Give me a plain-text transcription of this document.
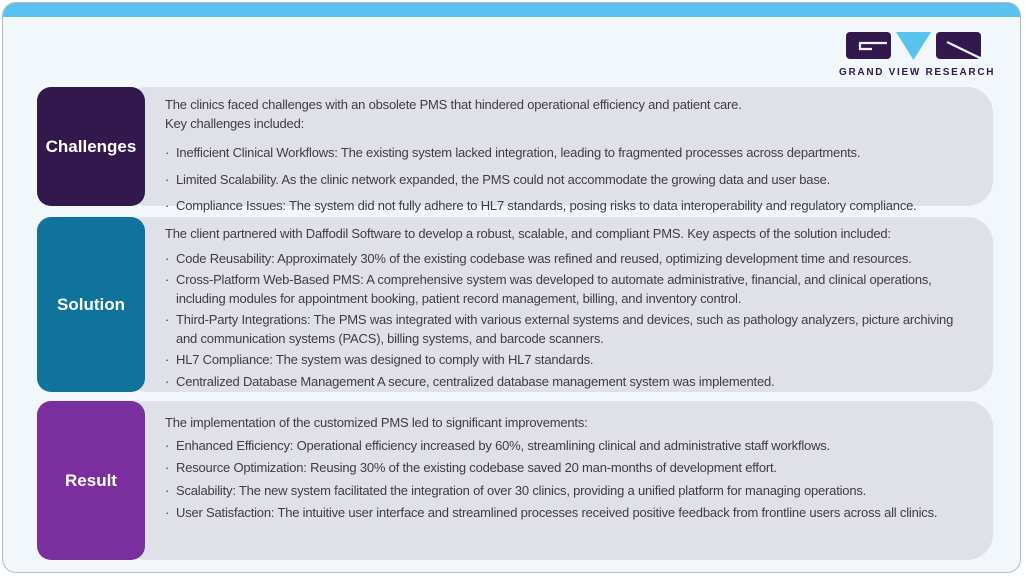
GRAND VIEW RESEARCH
The clinics faced challenges with an obsolete PMS that hindered operational efficiency and patient care.
Key challenges included:
· Inefficient Clinical Workflows: The existing system lacked integration, leading to fragmented processes across departments.
· Limited Scalability. As the clinic network expanded, the PMS could not accommodate the growing data and user base.
· Compliance Issues: The system did not fully adhere to HL7 standards, posing risks to data interoperability and regulatory compliance.
Challenges
The client partnered with Daffodil Software to develop a robust, scalable, and compliant PMS. Key aspects of the solution included:
· Code Reusability: Approximately 30% of the existing codebase was refined and reused, optimizing development time and resources.
· Cross-Platform Web-Based PMS: A comprehensive system was developed to automate administrative, financial, and clinical operations, including modules for appointment booking, patient record management, billing, and inventory control.
· Third-Party Integrations: The PMS was integrated with various external systems and devices, such as pathology analyzers, picture archiving and communication systems (PACS), billing systems, and barcode scanners.
· HL7 Compliance: The system was designed to comply with HL7 standards.
· Centralized Database Management A secure, centralized database management system was implemented.
Solution
The implementation of the customized PMS led to significant improvements:
· Enhanced Efficiency: Operational efficiency increased by 60%, streamlining clinical and administrative staff workflows.
· Resource Optimization: Reusing 30% of the existing codebase saved 20 man-months of development effort.
· Scalability: The new system facilitated the integration of over 30 clinics, providing a unified platform for managing operations.
· User Satisfaction: The intuitive user interface and streamlined processes received positive feedback from frontline users across all clinics.
Result
